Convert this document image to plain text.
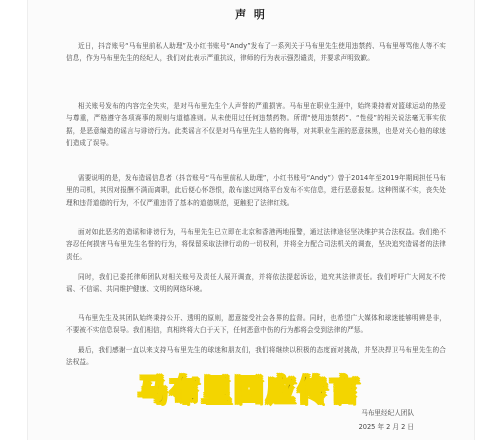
声 明
近日，抖音账号“马布里前私人助理”及小红书账号“Andy”发布了一系列关于马布里先生使用违禁药、马布里辱骂他人等不实信息，作为马布里先生的经纪人，我们对此表示严重抗议，律师的行为表示强烈谴责，并要求声明致歉。
相关账号发布的内容完全失实，是对马布里先生个人声誉的严重损害。马布里在职业生涯中，始终秉持着对篮球运动的热爱与尊重，严格遵守各项赛事的规则与道德准则。从未使用过任何违禁药物。所谓“使用违禁药”、“性侵”的相关说法毫无事实依据，是恶意编造的谣言与诽谤行为。此类谣言不仅是对马布里先生人格的侮辱，对其职业生涯的恶意抹黑，也是对关心他的球迷们造成了误导。
需要说明的是，发布造谣信息者（抖音账号“马布里前私人助理”，小红书账号“Andy”）曾于2014年至2019年期间担任马布里的司机，其因对报酬不满而离职，此后便心怀怨恨，散布遂过网络平台发布不实信息，进行恶意报复。这种图谋不实，丧失处理和违背道德的行为，不仅严重违背了基本的道德规范，更触犯了法律红线。
面对如此恶劣的造谣和诽谤行为，马布里先生已立即在北京和香港两地报警，通过法律途径坚决维护其合法权益。我们绝不容忍任何损害马布里先生名誉的行为，将保留采取法律行动的一切权利，并将全力配合司法机关的调查，坚决追究造谣者的法律责任。
同时，我们已委托律师团队对相关账号及责任人展开调查，并将依法提起诉讼，追究其法律责任。我们呼吁广大网友不传谣、不信谣、共同维护健康、文明的网络环境。
马布里先生及其团队始终秉持公开、透明的原则，愿意接受社会各界的监督。同时，也希望广大媒体和球迷能够明辨是非，不要被不实信息误导。我们相信，真相终将大白于天下，任何恶意中伤的行为都将会受到法律的严惩。
最后，我们感谢一直以来支持马布里先生的球迷和朋友们，我们将继续以积极的态度面对挑战，并坚决捍卫马布里先生的合法权益。
马布里经纪人团队
2025 年 2 月 2 日
马布里回应传言
